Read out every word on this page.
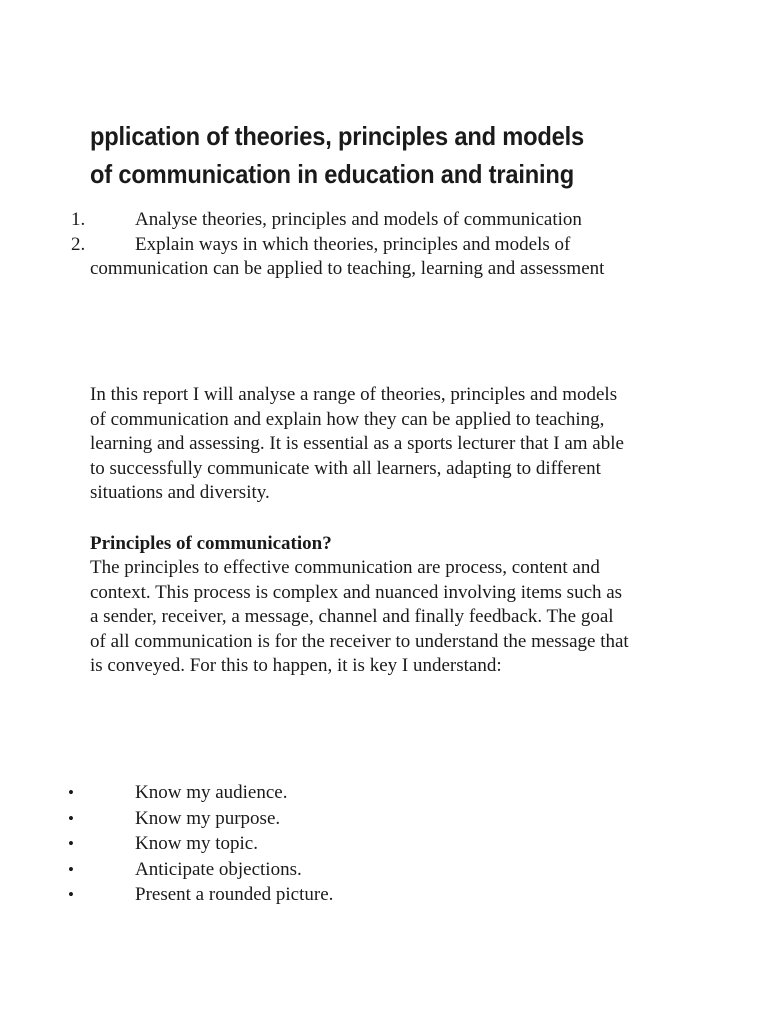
pplication of theories, principles and models
of communication in education and training
1.	Analyse theories, principles and models of communication
2.	Explain ways in which theories, principles and models of
communication can be applied to teaching, learning and assessment

In this report I will analyse a range of theories, principles and models
of communication and explain how they can be applied to teaching,
learning and assessing. It is essential as a sports lecturer that I am able
to successfully communicate with all learners, adapting to different
situations and diversity.

Principles of communication?

The principles to effective communication are process, content and
context. This process is complex and nuanced involving items such as
a sender, receiver, a message, channel and finally feedback. The goal
of all communication is for the receiver to understand the message that
is conveyed. For this to happen, it is key I understand:

•	Know my audience.
•	Know my purpose.
•	Know my topic.
•	Anticipate objections.
•	Present a rounded picture.
